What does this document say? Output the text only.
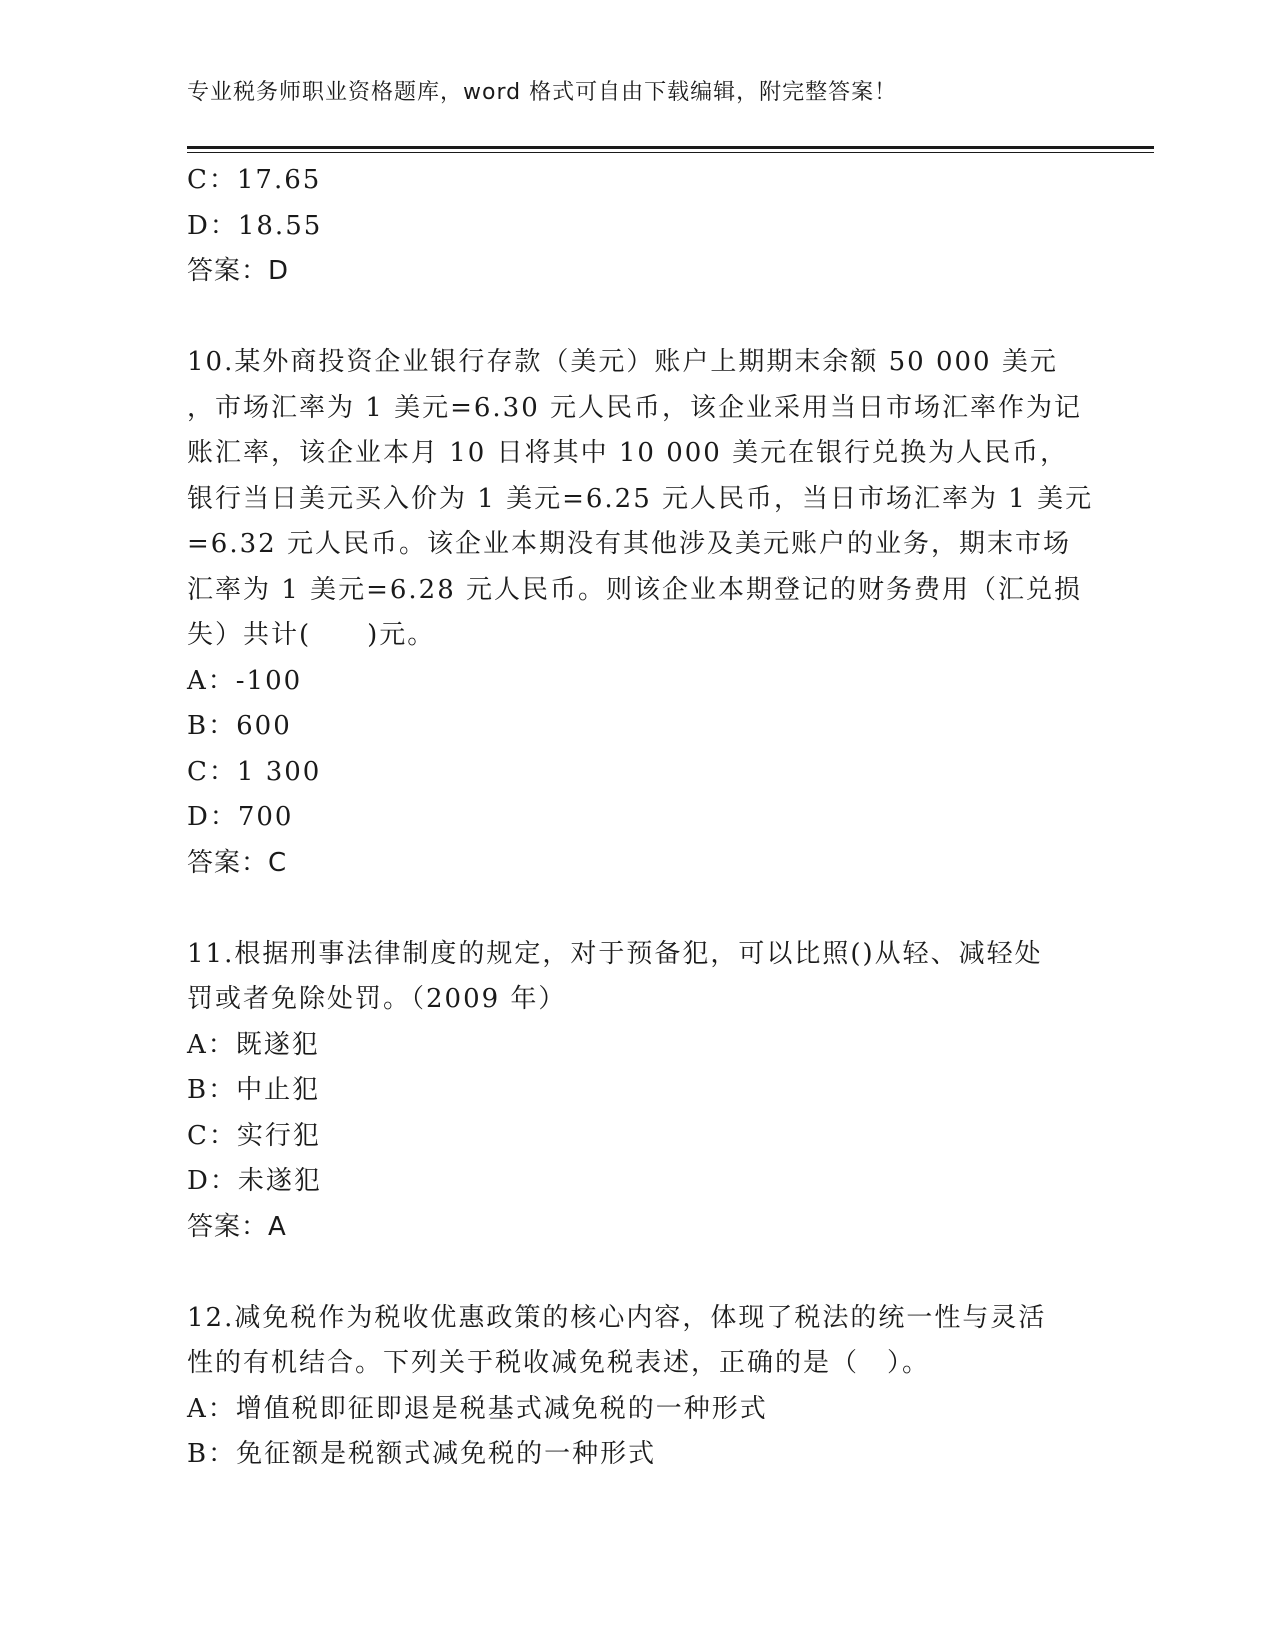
专业税务师职业资格题库，word 格式可自由下载编辑，附完整答案！
C：17.65
D：18.55
答案：D
10.某外商投资企业银行存款（美元）账户上期期末余额 50 000 美元
，市场汇率为 1 美元=6.30 元人民币，该企业采用当日市场汇率作为记
账汇率，该企业本月 10 日将其中 10 000 美元在银行兑换为人民币，
银行当日美元买入价为 1 美元=6.25 元人民币，当日市场汇率为 1 美元
=6.32 元人民币。该企业本期没有其他涉及美元账户的业务，期末市场
汇率为 1 美元=6.28 元人民币。则该企业本期登记的财务费用（汇兑损
失）共计(　　)元。
A：-100
B：600
C：1 300
D：700
答案：C
11.根据刑事法律制度的规定，对于预备犯，可以比照()从轻、减轻处
罚或者免除处罚。（2009 年）
A：既遂犯
B：中止犯
C：实行犯
D：未遂犯
答案：A
12.减免税作为税收优惠政策的核心内容，体现了税法的统一性与灵活
性的有机结合。下列关于税收减免税表述，正确的是（　）。
A：增值税即征即退是税基式减免税的一种形式
B：免征额是税额式减免税的一种形式
